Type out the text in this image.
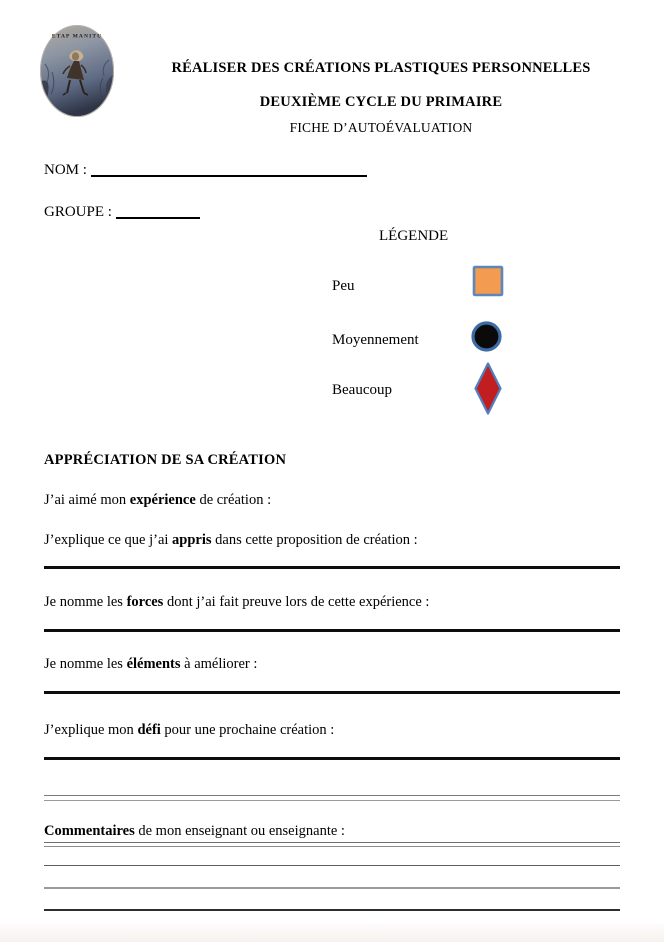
ETAP MANITU
RÉALISER DES CRÉATIONS PLASTIQUES PERSONNELLES
DEUXIÈME CYCLE DU PRIMAIRE
FICHE D’AUTOÉVALUATION
NOM :
GROUPE :
LÉGENDE
Peu
Moyennement
Beaucoup
APPRÉCIATION DE SA CRÉATION
J’ai aimé mon expérience de création :
J’explique ce que j’ai appris dans cette proposition de création :
Je nomme les forces dont j’ai fait preuve lors de cette expérience :
Je nomme les éléments à améliorer :
J’explique mon défi pour une prochaine création :
Commentaires de mon enseignant ou enseignante :
